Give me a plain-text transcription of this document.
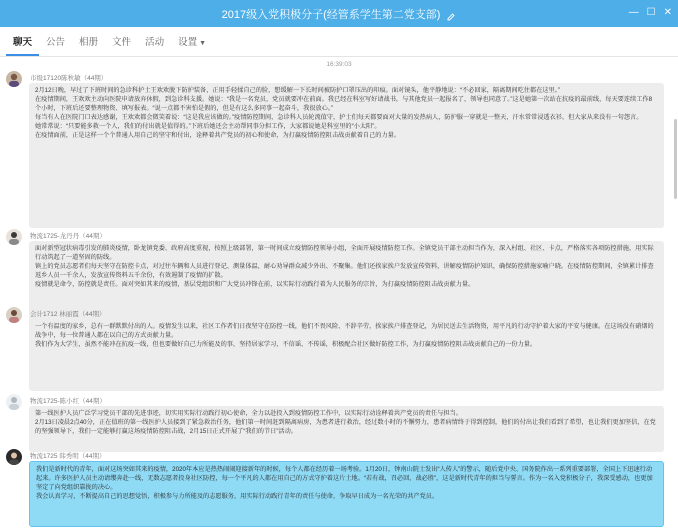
2017级入党积极分子(经管系学生第二党支部)	— ☐ ✕
聊天	公告	相册	文件	活动	设置 ▼
16:39:03
市级17120陈秋敏（44期）

2月12日晚，早过了下班时间的急诊科护士王欢欢脱下防护装备，正用手轻揉自己的脸，想缓解一下长时间被防护口罩压出的印痕。面对镜头，他平静地说：“不必回家，隔离期间吃住都在这里。”

在疫情期间，王欢欢主动向医院申请放弃休假，到急诊科支援。她说：“我是一名党员，党员就要冲在前面。我已经在科室写好请战书，与其他党员一起报名了，领导也同意了。”这是她第一次站在抗疫的最前线，每天要连续工作8个小时，下班后还要整理物资、填写报表。“说一点都不害怕是假的，但是有这么多同事一起奋斗，我很放心。”

每当有人在医院门口表达感谢，王欢欢都会微笑着说：“这是我应该做的。”疫情防控期间，急诊科人员轮流值守，护士们每天都要面对大量的发热病人，防护服一穿就是一整天，汗水常常浸透衣衫，但大家从来没有一句怨言。

她常常说：“只要能多救一个人，我们的付出就是值得的。”下班后她还会主动帮同事分担工作，大家都说她是科室里的“小太阳”。

在疫情面前，正是这样一个个普通人用自己的坚守和付出，诠释着共产党员的初心和使命，为打赢疫情防控阻击战贡献着自己的力量。

物流1725-龙丹丹（44期）

面对新型冠状病毒引发的肺炎疫情，卧龙镇党委、政府高度重视，按照上级部署，第一时间成立疫情防控领导小组，全面开展疫情防控工作。全镇党员干部主动担当作为，深入村组、社区、卡点，严格落实各项防控措施，用实际行动筑起了一道坚固的防线。

镇上的党员志愿者们每天坚守在防控卡点，对过往车辆和人员进行登记、测量体温，耐心劝导群众减少外出、不聚集。他们还挨家挨户发放宣传资料，讲解疫情防护知识，确保防控措施家喻户晓。在疫情防控期间，全镇累计排查返乡人员一千余人，发放宣传资料五千余份，有效遏制了疫情的扩散。

疫情就是命令，防控就是责任。面对突如其来的疫情，基层党组织和广大党员冲锋在前，以实际行动践行着为人民服务的宗旨，为打赢疫情防控阻击战贡献力量。

会计1712 林丽霞（44期）

一个有温度的家乡，总有一群默默付出的人。疫情发生以来，社区工作者们日夜坚守在防控一线，他们不畏风险、不辞辛劳，挨家挨户排查登记，为居民送去生活物资，用平凡的行动守护着大家的平安与健康。在这场没有硝烟的战争中，每一位普通人都在以自己的方式贡献力量。

我们作为大学生，虽然不能冲在抗疫一线，但也要做好自己力所能及的事，坚持居家学习，不信谣、不传谣，积极配合社区做好防控工作，为打赢疫情防控阻击战贡献自己的一份力量。

物流1725-陈小红（44期）

第一线医护人员广泛学习党员干部的先进事迹，切实用实际行动践行初心使命，全力以赴投入到疫情防控工作中，以实际行动诠释着共产党员的责任与担当。

2月13日凌晨2点40分，正在值班的第一线医护人员接到了紧急救治任务，他们第一时间赶到隔离病房，为患者进行救治，经过数小时的不懈努力，患者病情终于得到控制，他们的付出让我们看到了希望，也让我们更加坚信，在党的坚强领导下，我们一定能够打赢这场疫情防控阻击战，2月15日正式开展了“我们的节日”活动。

物流1725 韩秀明（44期）

我们是新时代的青年，面对这场突如其来的疫情，2020年本应是热热闹闹迎接新年的时候，每个人都在经历着一场考验。1月20日，钟南山院士发出“人传人”的警示，随后党中央、国务院作出一系列重要部署，全国上下迅速行动起来。许多医护人员主动请缨奔赴一线，无数志愿者投身社区防控，每一个平凡的人都在用自己的方式守护着这片土地。“若有战，召必回，战必胜”，这是新时代青年的担当与誓言。作为一名入党积极分子，我深受感动，也更加坚定了向党组织靠拢的决心。

我会认真学习，不断提高自己的思想觉悟，积极参与力所能及的志愿服务，用实际行动践行青年的责任与使命，争取早日成为一名光荣的共产党员。
